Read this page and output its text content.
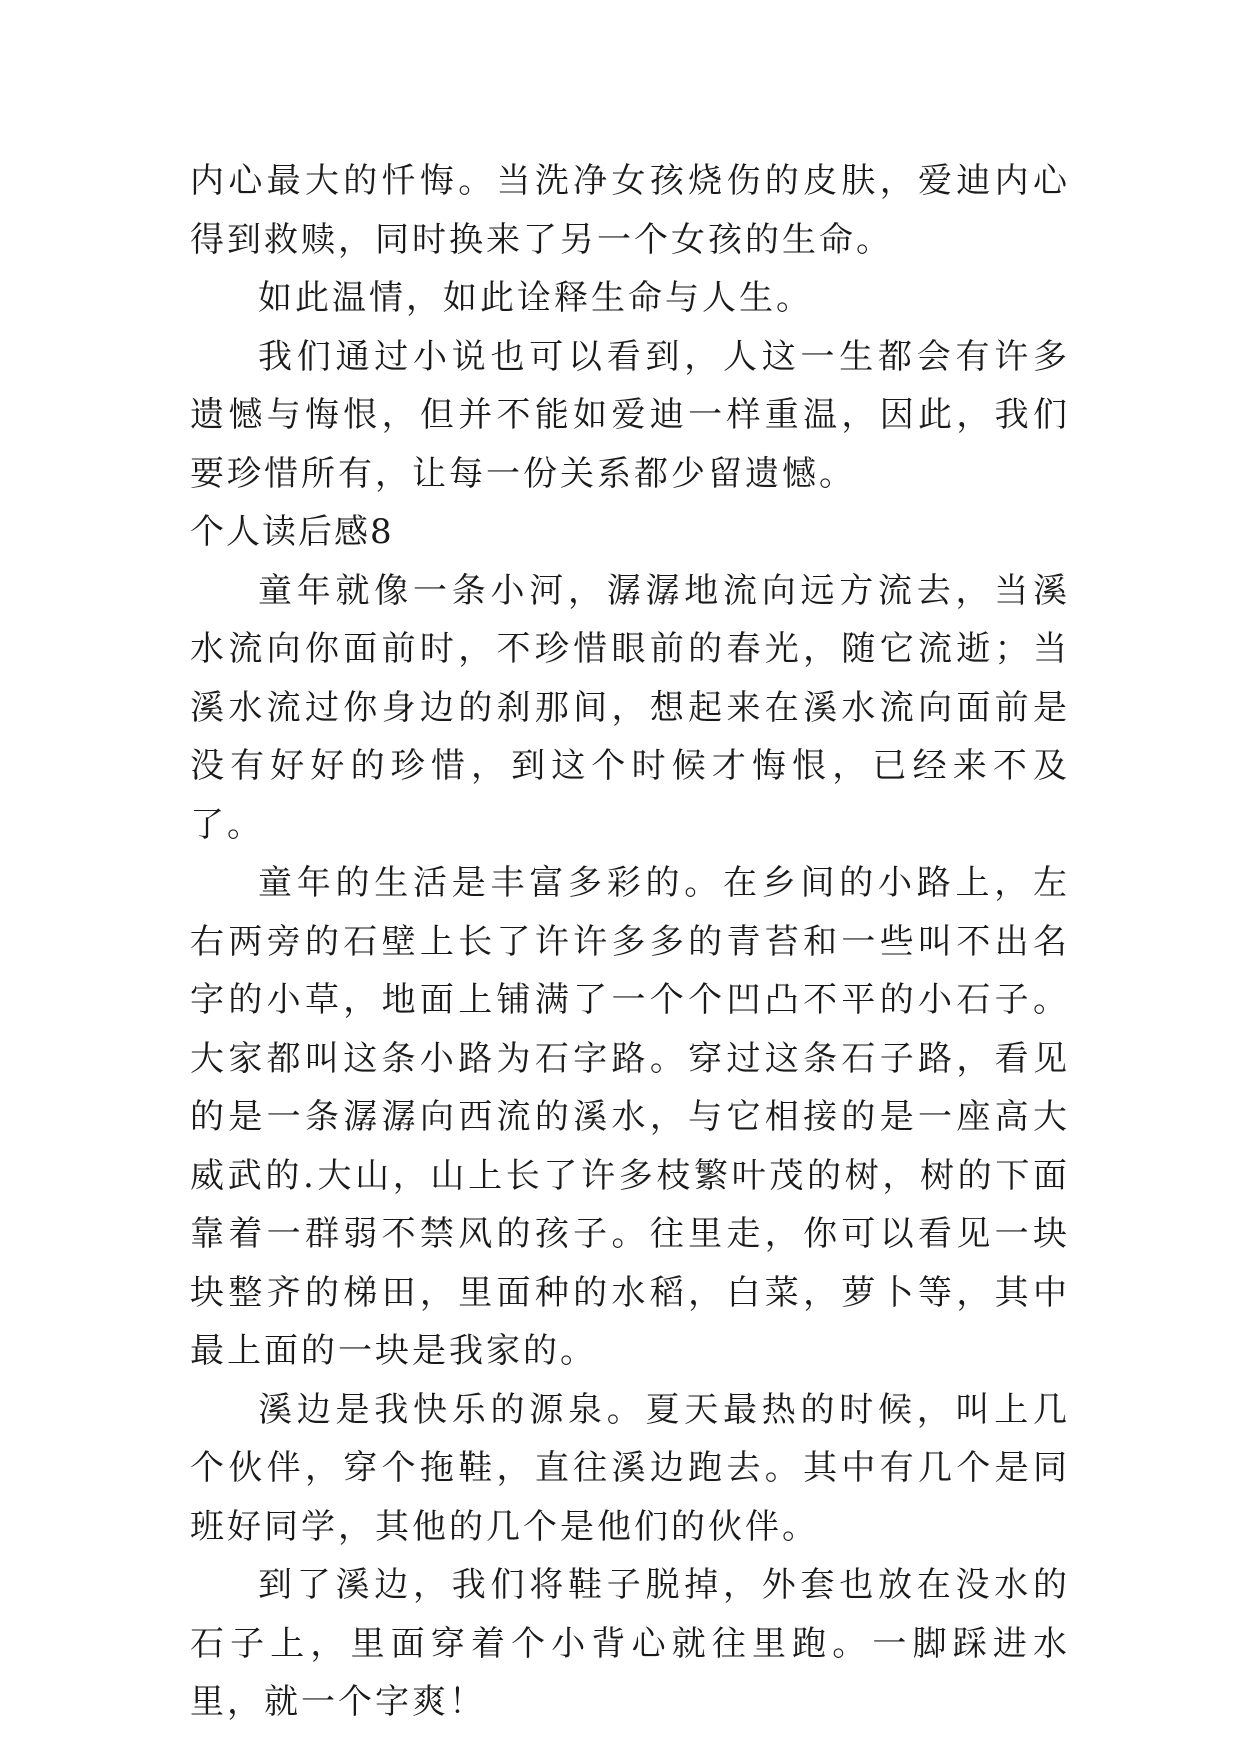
内心最大的忏悔。当洗净女孩烧伤的皮肤，爱迪内心得到救赎，同时换来了另一个女孩的生命。

如此温情，如此诠释生命与人生。

我们通过小说也可以看到，人这一生都会有许多遗憾与悔恨，但并不能如爱迪一样重温，因此，我们要珍惜所有，让每一份关系都少留遗憾。

个人读后感8

童年就像一条小河，潺潺地流向远方流去，当溪水流向你面前时，不珍惜眼前的春光，随它流逝；当溪水流过你身边的刹那间，想起来在溪水流向面前是没有好好的珍惜，到这个时候才悔恨，已经来不及了。

童年的生活是丰富多彩的。在乡间的小路上，左右两旁的石壁上长了许许多多的青苔和一些叫不出名字的小草，地面上铺满了一个个凹凸不平的小石子。大家都叫这条小路为石字路。穿过这条石子路，看见的是一条潺潺向西流的溪水，与它相接的是一座高大威武的.大山，山上长了许多枝繁叶茂的树，树的下面靠着一群弱不禁风的孩子。往里走，你可以看见一块块整齐的梯田，里面种的水稻，白菜，萝卜等，其中最上面的一块是我家的。

溪边是我快乐的源泉。夏天最热的时候，叫上几个伙伴，穿个拖鞋，直往溪边跑去。其中有几个是同班好同学，其他的几个是他们的伙伴。

到了溪边，我们将鞋子脱掉，外套也放在没水的石子上，里面穿着个小背心就往里跑。一脚踩进水里，就一个字爽！
